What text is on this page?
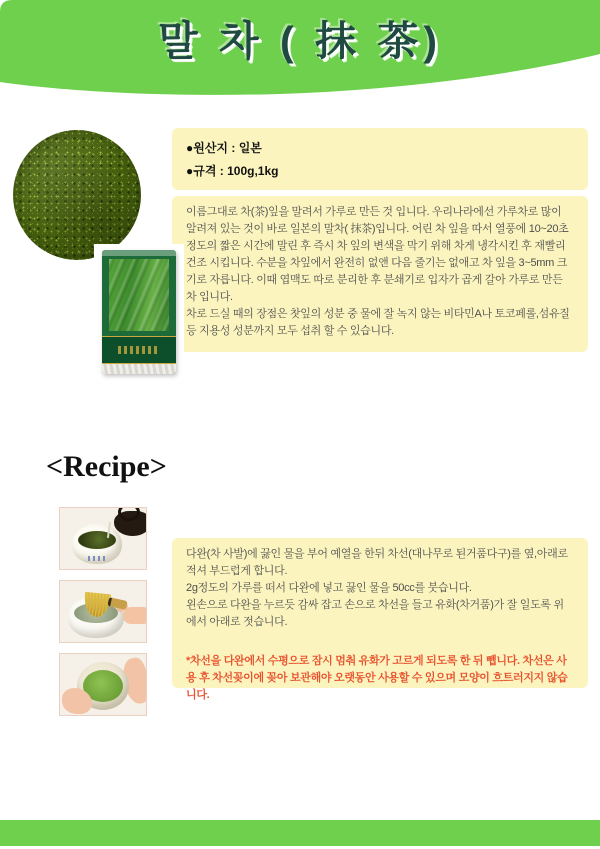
말 차 ( 抹 茶)
●원산지 : 일본
●규격 : 100g,1kg

이름그대로 차(茶)잎을 말려서 가루로 만든 것 입니다. 우리나라에선 가루차로 많이 알려져 있는 것이 바로 일본의 말차( 抹茶)입니다. 어린 차 잎을 따서 열풍에 10~20초 정도의 짧은 시간에 말린 후 즉시 차 잎의 변색을 막기 위해 차게 냉각시킨 후 재빨리 건조 시킵니다. 수분을 차잎에서 완전히 없앤 다음 줄기는 없애고 차 잎을 3~5mm 크기로 자릅니다. 이때 엽맥도 따로 분리한 후 분쇄기로 입자가 곱게 갈아 가루로 만든 차 입니다.

차로 드실 때의 장점은 찻잎의 성분 중 물에 잘 녹지 않는 비타민A나 토코페롤,섬유질 등 지용성 성분까지 모두 섭취 할 수 있습니다.

<Recipe>

다완(차 사발)에 끓인 물을 부어 예열을 한뒤 차선(대나무로 된거품다구)를 옆,아래로 적셔 부드럽게 합니다.

2g정도의 가루를 떠서 다완에 넣고 끓인 물을 50cc를 붓습니다.

왼손으로 다완을 누르듯 감싸 잡고 손으로 차선을 들고 유화(차거품)가 잘 일도록 위에서 아래로 젓습니다.

*차선을 다완에서 수평으로 잠시 멈춰 유화가 고르게 되도록 한 뒤 뺍니다. 차선은 사용 후 차선꽂이에 꽂아 보관해야 오랫동안 사용할 수 있으며 모양이 흐트러지지 않습니다.
